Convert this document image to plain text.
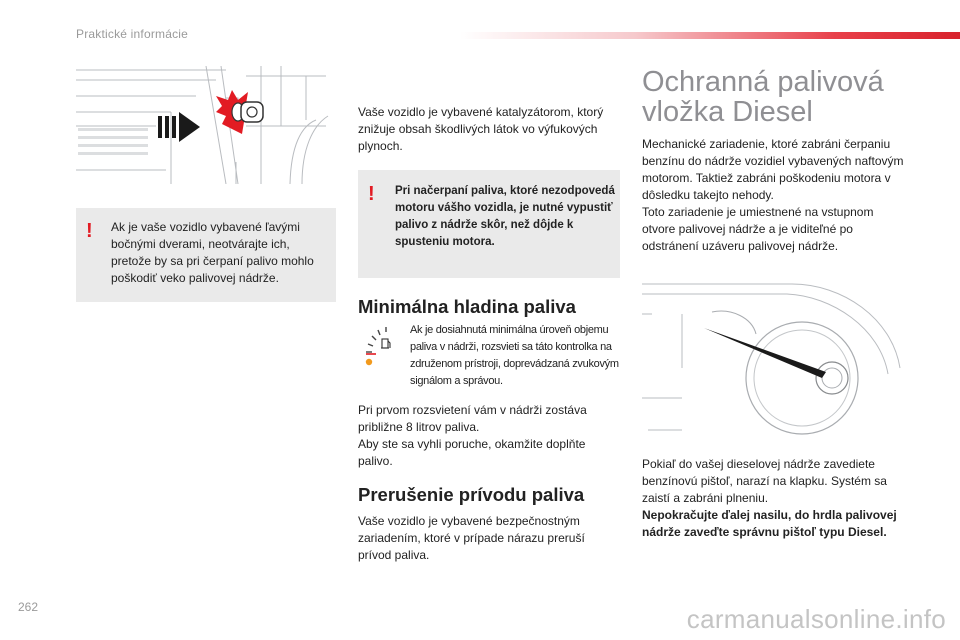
Praktické informácie
! Ak je vaše vozidlo vybavené ľavými bočnými dverami, neotvárajte ich, pretože by sa pri čerpaní palivo mohlo poškodiť veko palivovej nádrže.
Vaše vozidlo je vybavené katalyzátorom, ktorý znižuje obsah škodlivých látok vo výfukových plynoch.
! Pri načerpaní paliva, ktoré nezodpovedá motoru vášho vozidla, je nutné vypustiť palivo z nádrže skôr, než dôjde k spusteniu motora.
Minimálna hladina paliva
Ak je dosiahnutá minimálna úroveň objemu paliva v nádrži, rozsvieti sa táto kontrolka na združenom prístroji, doprevádzaná zvukovým signálom a správou.
Pri prvom rozsvietení vám v nádrži zostáva približne 8 litrov paliva.
Aby ste sa vyhli poruche, okamžite doplňte palivo.
Prerušenie prívodu paliva
Vaše vozidlo je vybavené bezpečnostným zariadením, ktoré v prípade nárazu preruší prívod paliva.
Ochranná palivová
vložka Diesel
Mechanické zariadenie, ktoré zabráni čerpaniu benzínu do nádrže vozidiel vybavených naftovým motorom. Taktiež zabráni poškodeniu motora v dôsledku takejto nehody.
Toto zariadenie je umiestnené na vstupnom otvore palivovej nádrže a je viditeľné po odstránení uzáveru palivovej nádrže.
Pokiaľ do vašej dieselovej nádrže zavediete benzínovú pištoľ, narazí na klapku. Systém sa zaistí a zabráni plneniu.
Nepokračujte ďalej nasilu, do hrdla palivovej nádrže zaveďte správnu pištoľ typu Diesel.
262	carmanualsonline.info
